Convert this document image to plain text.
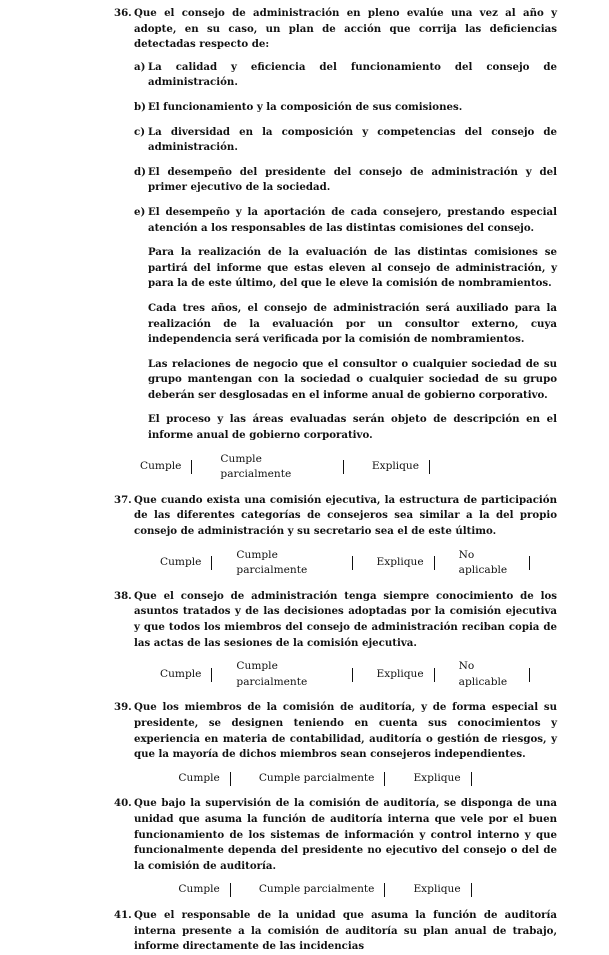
36. Que el consejo de administración en pleno evalúe una vez al año y adopte, en su caso, un plan de acción que corrija las deficiencias detectadas respecto de:
a) La calidad y eficiencia del funcionamiento del consejo de administración.
b) El funcionamiento y la composición de sus comisiones.
c) La diversidad en la composición y competencias del consejo de administración.
d) El desempeño del presidente del consejo de administración y del primer ejecutivo de la sociedad.
e) El desempeño y la aportación de cada consejero, prestando especial atención a los responsables de las distintas comisiones del consejo.
Para la realización de la evaluación de las distintas comisiones se partirá del informe que estas eleven al consejo de administración, y para la de este último, del que le eleve la comisión de nombramientos.
Cada tres años, el consejo de administración será auxiliado para la realización de la evaluación por un consultor externo, cuya independencia será verificada por la comisión de nombramientos.
Las relaciones de negocio que el consultor o cualquier sociedad de su grupo mantengan con la sociedad o cualquier sociedad de su grupo deberán ser desglosadas en el informe anual de gobierno corporativo.
El proceso y las áreas evaluadas serán objeto de descripción en el informe anual de gobierno corporativo.
Cumple
Cumple parcialmente
Explique
37. Que cuando exista una comisión ejecutiva, la estructura de participación de las diferentes categorías de consejeros sea similar a la del propio consejo de administración y su secretario sea el de este último.
Cumple
Cumple parcialmente
Explique
No aplicable
38. Que el consejo de administración tenga siempre conocimiento de los asuntos tratados y de las decisiones adoptadas por la comisión ejecutiva y que todos los miembros del consejo de administración reciban copia de las actas de las sesiones de la comisión ejecutiva.
Cumple
Cumple parcialmente
Explique
No aplicable
39. Que los miembros de la comisión de auditoría, y de forma especial su presidente, se designen teniendo en cuenta sus conocimientos y experiencia en materia de contabilidad, auditoría o gestión de riesgos, y que la mayoría de dichos miembros sean consejeros independientes.
Cumple	Cumple parcialmente	Explique
40. Que bajo la supervisión de la comisión de auditoría, se disponga de una unidad que asuma la función de auditoría interna que vele por el buen funcionamiento de los sistemas de información y control interno y que funcionalmente dependa del presidente no ejecutivo del consejo o del de la comisión de auditoría.
Cumple	Cumple parcialmente	Explique
41. Que el responsable de la unidad que asuma la función de auditoría interna presente a la comisión de auditoría su plan anual de trabajo, informe directamente de las incidencias
